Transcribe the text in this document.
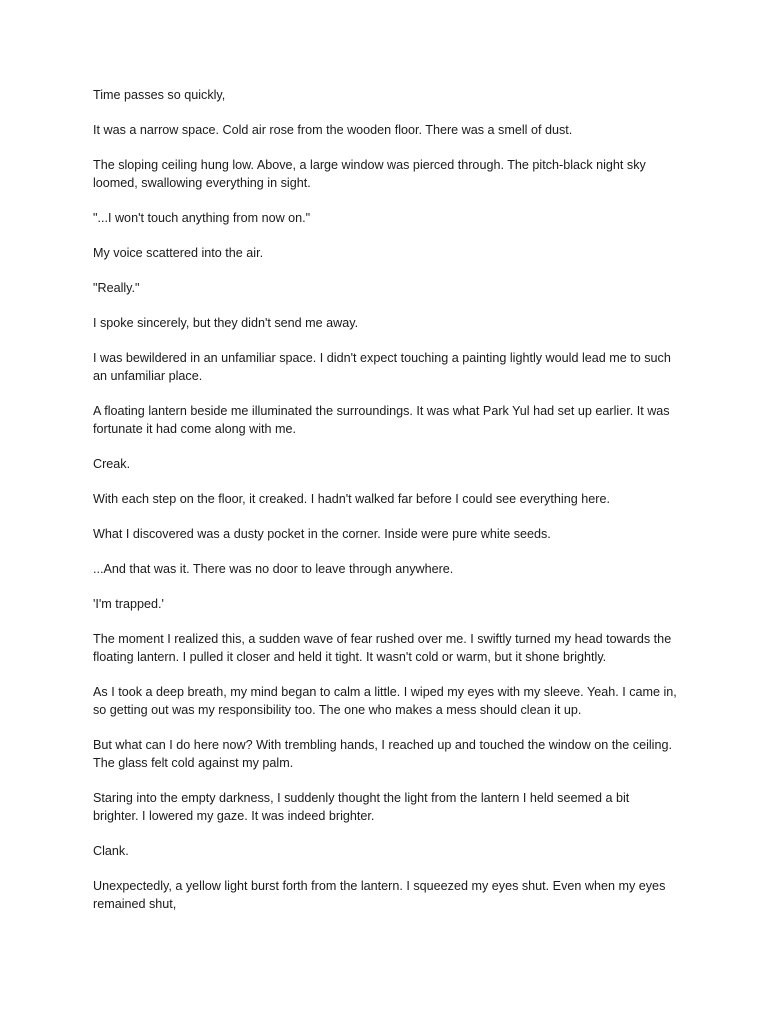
Time passes so quickly,

It was a narrow space. Cold air rose from the wooden floor. There was a smell of dust.

The sloping ceiling hung low. Above, a large window was pierced through. The pitch-black night sky loomed, swallowing everything in sight.

"...I won't touch anything from now on."

My voice scattered into the air.

"Really."

I spoke sincerely, but they didn't send me away.

I was bewildered in an unfamiliar space. I didn't expect touching a painting lightly would lead me to such an unfamiliar place.

A floating lantern beside me illuminated the surroundings. It was what Park Yul had set up earlier. It was fortunate it had come along with me.

Creak.

With each step on the floor, it creaked. I hadn't walked far before I could see everything here.

What I discovered was a dusty pocket in the corner. Inside were pure white seeds.

...And that was it. There was no door to leave through anywhere.

'I'm trapped.'

The moment I realized this, a sudden wave of fear rushed over me. I swiftly turned my head towards the floating lantern. I pulled it closer and held it tight. It wasn't cold or warm, but it shone brightly.

As I took a deep breath, my mind began to calm a little. I wiped my eyes with my sleeve. Yeah. I came in, so getting out was my responsibility too. The one who makes a mess should clean it up.

But what can I do here now? With trembling hands, I reached up and touched the window on the ceiling. The glass felt cold against my palm.

Staring into the empty darkness, I suddenly thought the light from the lantern I held seemed a bit brighter. I lowered my gaze. It was indeed brighter.

Clank.

Unexpectedly, a yellow light burst forth from the lantern. I squeezed my eyes shut. Even when my eyes remained shut,
